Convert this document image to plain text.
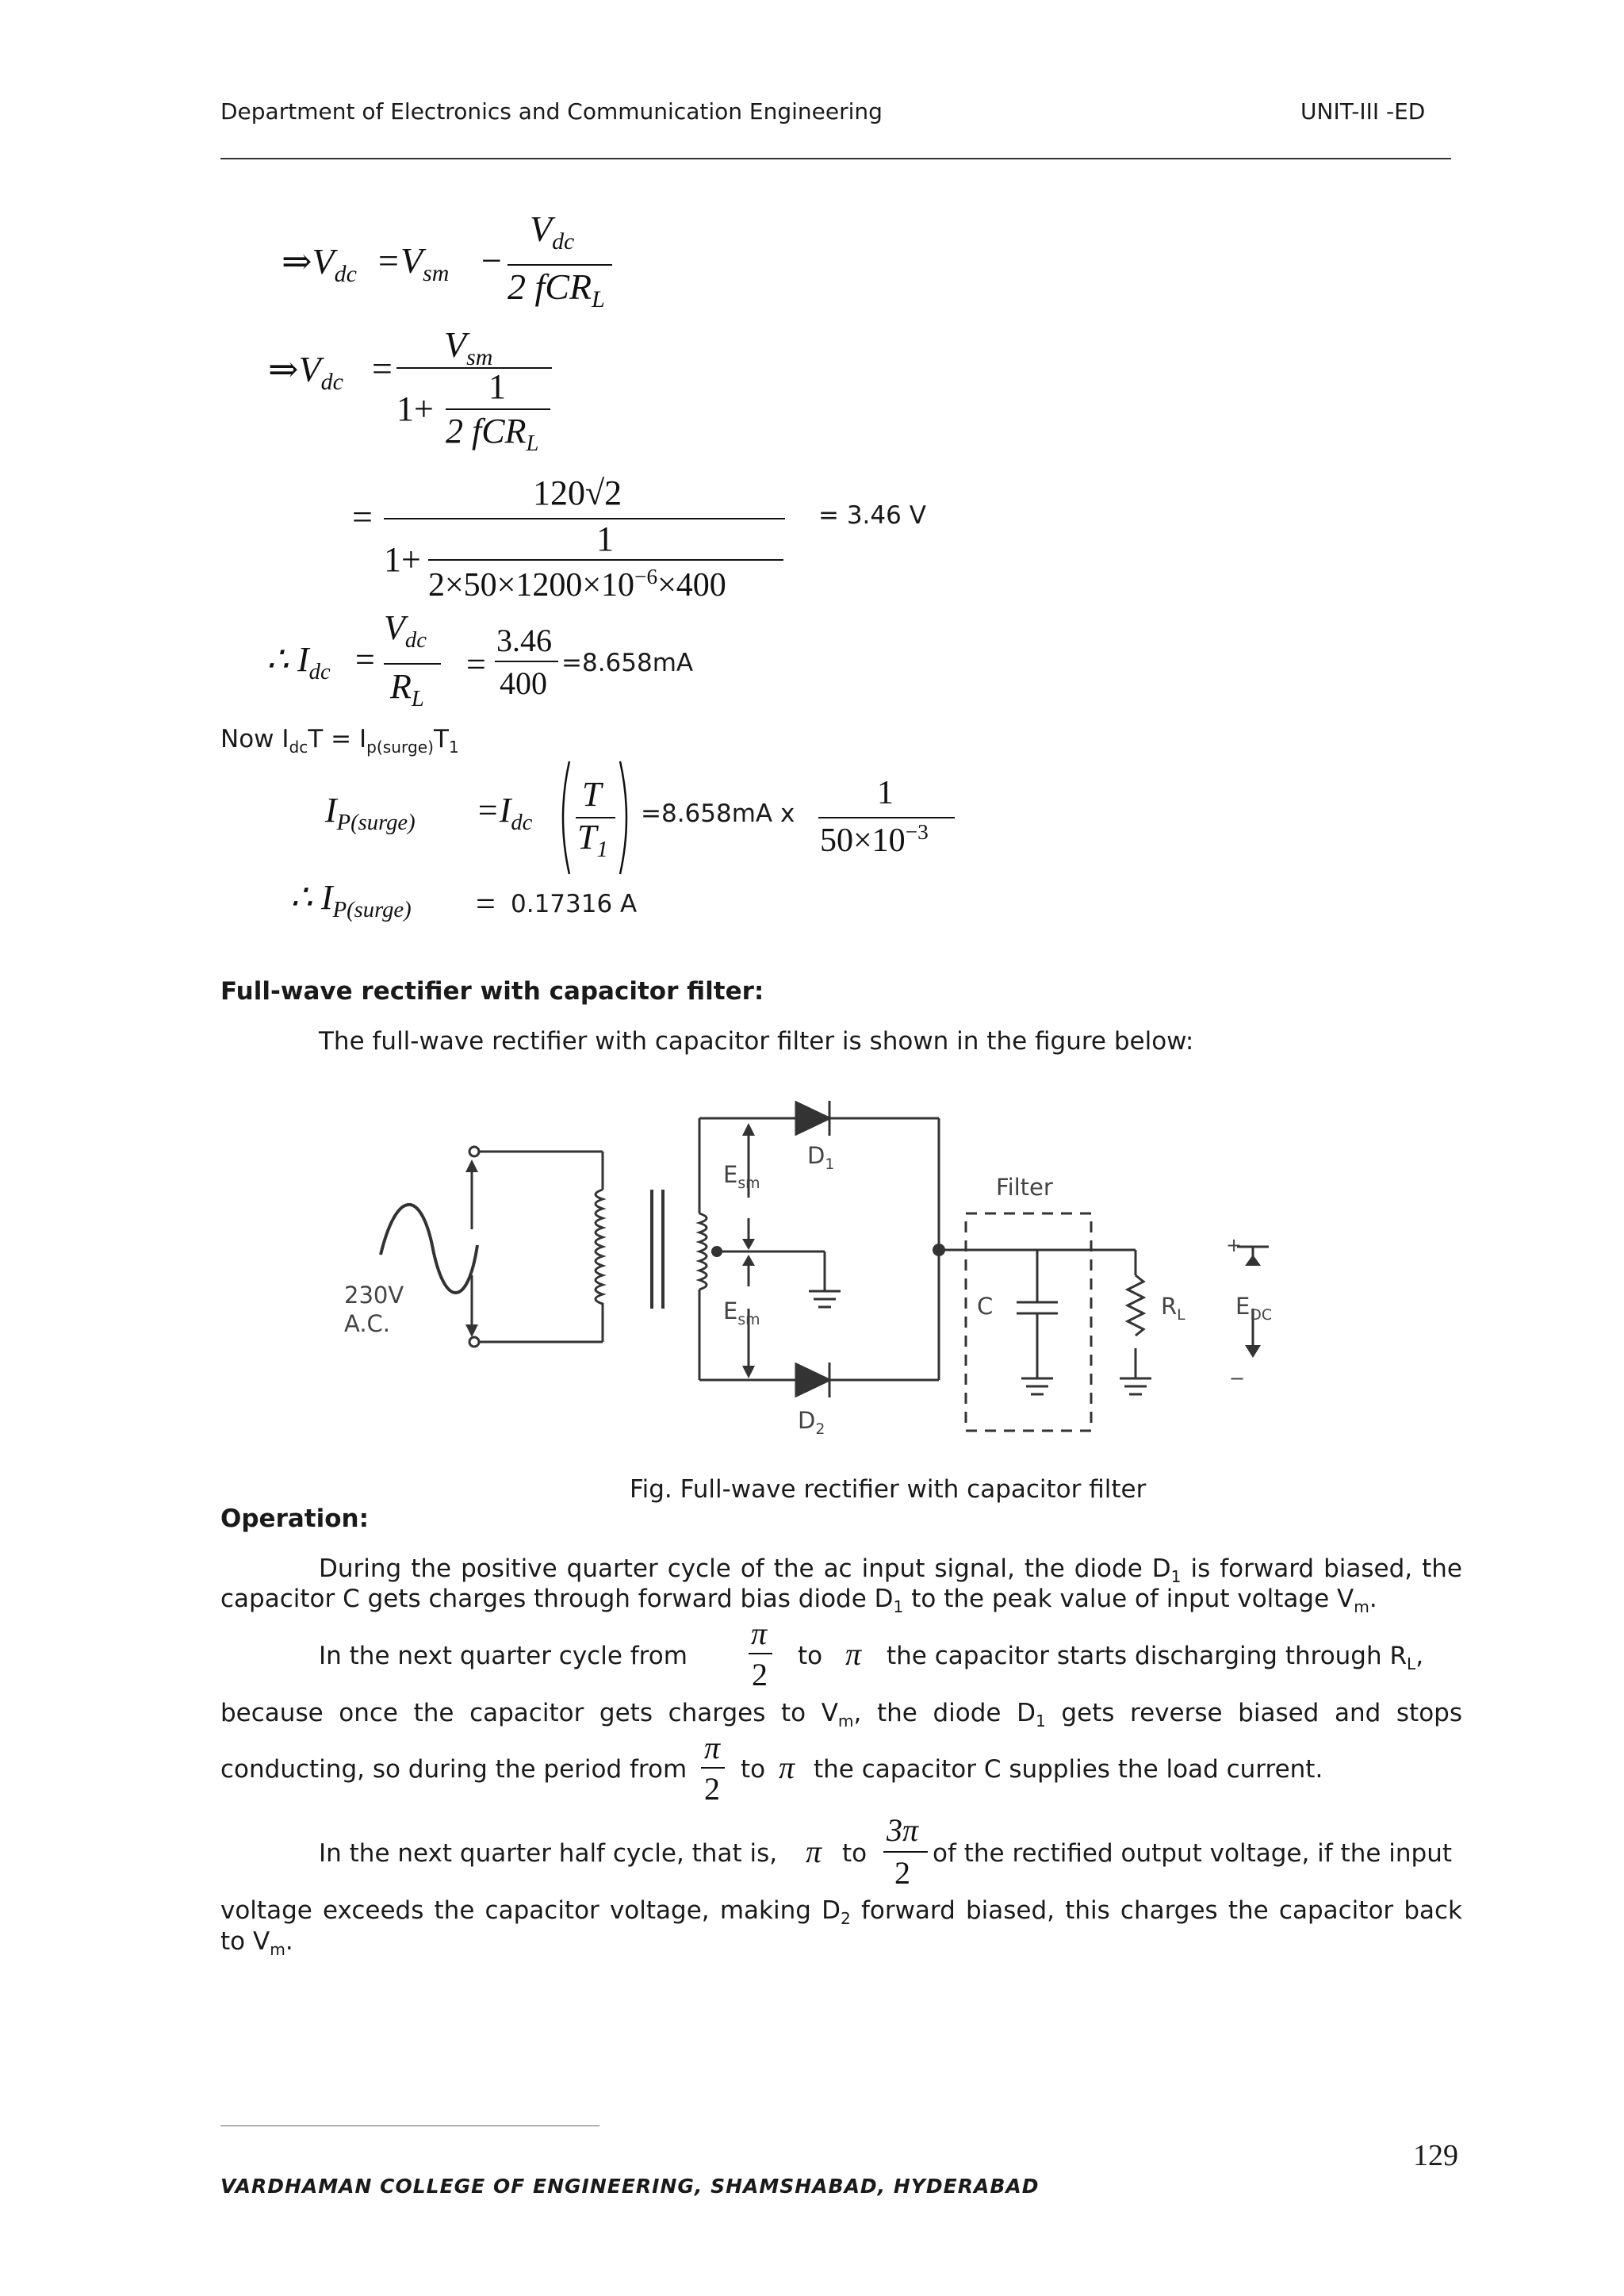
Department of Electronics and Communication Engineering	UNIT-III -ED
$\Rightarrow V_{dc} =V_{sm}$ −
$V_{dc}$
2 fCR$_L$
$\Rightarrow V_{dc}$ =
$V_{sm}$
1
1+
2 fCR$_L$
=
120√2
1
1+
$2\times 50\times 1200\times 10^{-6}\times 400$
= 3.46 V
∴ $I_{dc}$ =
$V_{dc}$
$R_L$
=
3.46
400
=8.658mA
Now $I_{dc}T = I_{p(surge)}T_1$
$I_{P(surge)} =I_{dc}$
T
$T_1$
=8.658mA x
1
$50\times 10^{-3}$
∴ $I_{P(surge)} = 0.17316$ A
Full-wave rectifier with capacitor filter:
The full-wave rectifier with capacitor filter is shown in the figure below:
230V
A.C.
$E_{sm}$
$E_{sm}$
$D_1$
$D_2$
Filter
C	$R_L$ $E_{DC}$
+
−
Fig. Full-wave rectifier with capacitor filter
Operation:
During the positive quarter cycle of the ac input signal, the diode $D_1$ is forward biased, the
capacitor C gets charges through forward bias diode $D_1$ to the peak value of input voltage $V_m$.
In the next quarter cycle from
π
2
to π the capacitor starts discharging through $R_L$,
because once the capacitor gets charges to $V_m$, the diode $D_1$ gets reverse biased and stops
conducting, so during the period from
π
2
to π the capacitor C supplies the load current.
In the next quarter half cycle, that is, π to
3π
2
of the rectified output voltage, if the input
voltage exceeds the capacitor voltage, making $D_2$ forward biased, this charges the capacitor back
to $V_m$.
129
VARDHAMAN COLLEGE OF ENGINEERING, SHAMSHABAD, HYDERABAD
